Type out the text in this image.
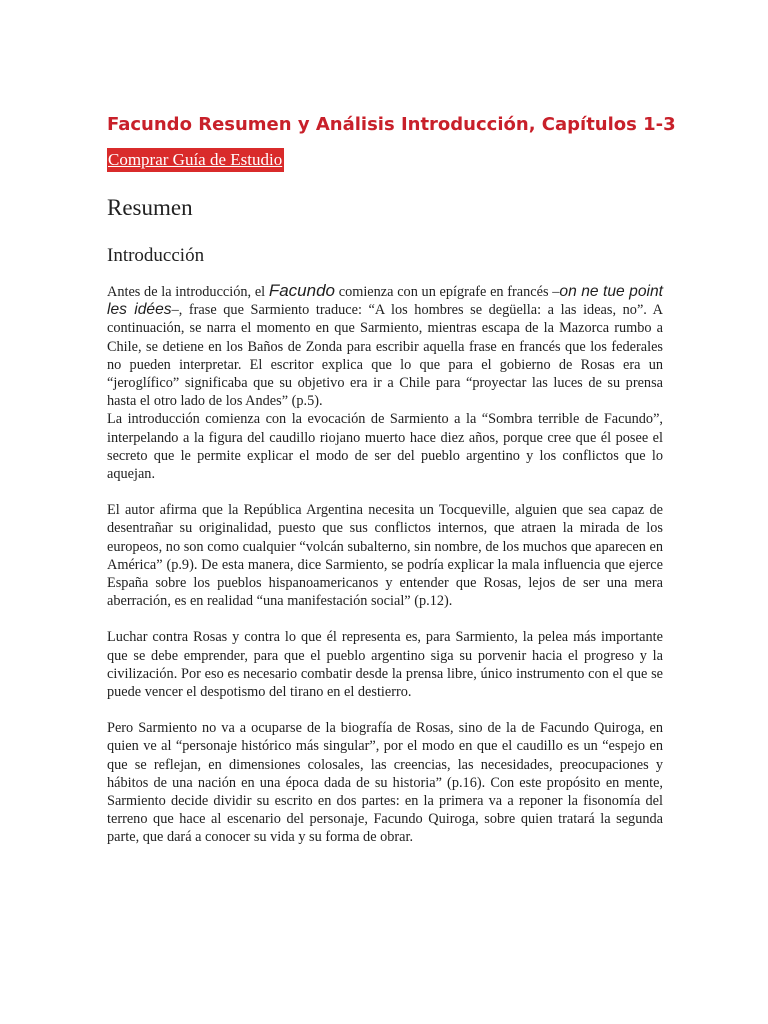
Facundo Resumen y Análisis Introducción, Capítulos 1-3
Comprar Guía de Estudio
Resumen
Introducción

Antes de la introducción, el Facundo comienza con un epígrafe en francés –on ne tue point les idées–, frase que Sarmiento traduce: “A los hombres se degüella: a las ideas, no”. A continuación, se narra el momento en que Sarmiento, mientras escapa de la Mazorca rumbo a Chile, se detiene en los Baños de Zonda para escribir aquella frase en francés que los federales no pueden interpretar. El escritor explica que lo que para el gobierno de Rosas era un “jeroglífico” significaba que su objetivo era ir a Chile para “proyectar las luces de su prensa hasta el otro lado de los Andes” (p.5).

La introducción comienza con la evocación de Sarmiento a la “Sombra terrible de Facundo”, interpelando a la figura del caudillo riojano muerto hace diez años, porque cree que él posee el secreto que le permite explicar el modo de ser del pueblo argentino y los conflictos que lo aquejan.

El autor afirma que la República Argentina necesita un Tocqueville, alguien que sea capaz de desentrañar su originalidad, puesto que sus conflictos internos, que atraen la mirada de los europeos, no son como cualquier “volcán subalterno, sin nombre, de los muchos que aparecen en América” (p.9). De esta manera, dice Sarmiento, se podría explicar la mala influencia que ejerce España sobre los pueblos hispanoamericanos y entender que Rosas, lejos de ser una mera aberración, es en realidad “una manifestación social” (p.12).

Luchar contra Rosas y contra lo que él representa es, para Sarmiento, la pelea más importante que se debe emprender, para que el pueblo argentino siga su porvenir hacia el progreso y la civilización. Por eso es necesario combatir desde la prensa libre, único instrumento con el que se puede vencer el despotismo del tirano en el destierro.

Pero Sarmiento no va a ocuparse de la biografía de Rosas, sino de la de Facundo Quiroga, en quien ve al “personaje histórico más singular”, por el modo en que el caudillo es un “espejo en que se reflejan, en dimensiones colosales, las creencias, las necesidades, preocupaciones y hábitos de una nación en una época dada de su historia” (p.16). Con este propósito en mente, Sarmiento decide dividir su escrito en dos partes: en la primera va a reponer la fisonomía del terreno que hace al escenario del personaje, Facundo Quiroga, sobre quien tratará la segunda parte, que dará a conocer su vida y su forma de obrar.
